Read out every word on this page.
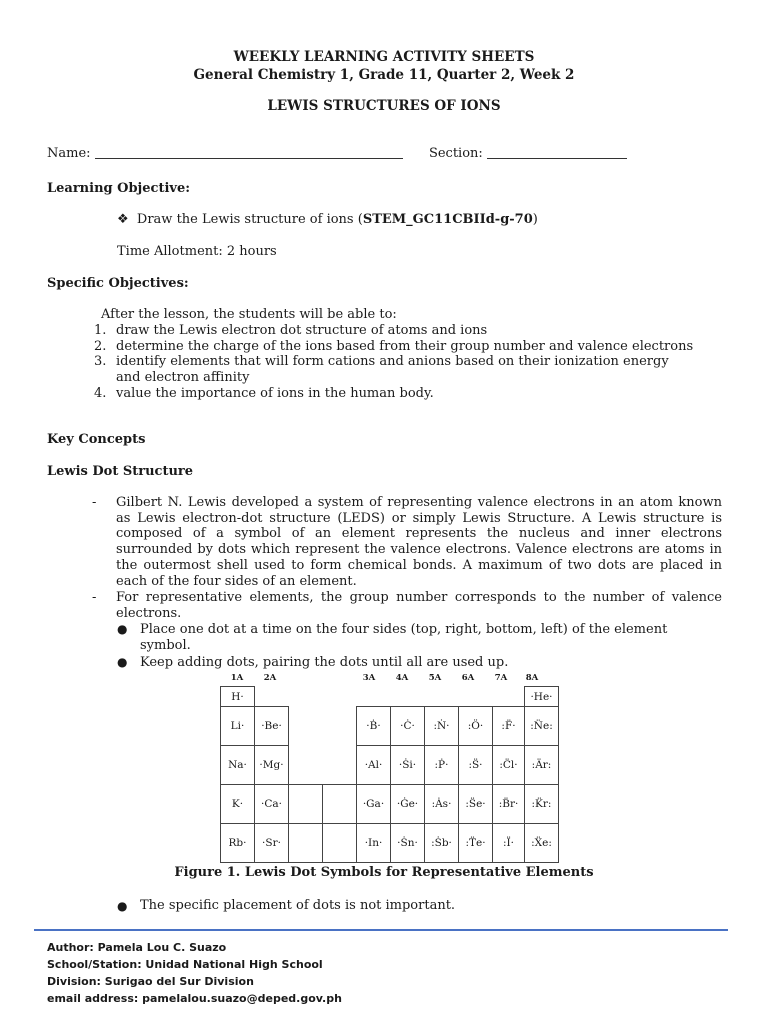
WEEKLY LEARNING ACTIVITY SHEETS
General Chemistry 1, Grade 11, Quarter 2, Week 2
LEWIS STRUCTURES OF IONS
Name:	Section:
Learning Objective:
❖ Draw the Lewis structure of ions (STEM_GC11CBIId-g-70)
Time Allotment: 2 hours
Specific Objectives:
After the lesson, the students will be able to:
1. draw the Lewis electron dot structure of atoms and ions
2. determine the charge of the ions based from their group number and valence electrons
3. identify elements that will form cations and anions based on their ionization energy
and electron affinity
4. value the importance of ions in the human body.
Key Concepts
Lewis Dot Structure
- Gilbert N. Lewis developed a system of representing valence electrons in an atom known as Lewis electron-dot structure (LEDS) or simply Lewis Structure. A Lewis structure is composed of a symbol of an element represents the nucleus and inner electrons surrounded by dots which represent the valence electrons. Valence electrons are atoms in the outermost shell used to form chemical bonds. A maximum of two dots are placed in each of the four sides of an element.

- For representative elements, the group number corresponds to the number of valence electrons.

● Place one dot at a time on the four sides (top, right, bottom, left) of the element symbol.

● Keep adding dots, pairing the dots until all are used up.

1A	2A	3A	4A	5A	6A	7A	8A
H·									·He·
Li·	·Be·			·Ḃ·	·Ċ·	:Ṅ·	:Ö·	:F̈·	:N̈e:
Na·	·Mg·			·Al·	·Ṡi·	:Ṗ·	:S̈·	:C̈l·	:Är:
K·	·Ca·			·Ga·	·Ġe·	:Ȧs·	:S̈e·	:B̈r·	:K̈r:
Rb·	·Sr·			·In·	·Ṡn·	:Ṡb·	:T̈e·	:Ï·	:Ẍe:
Figure 1. Lewis Dot Symbols for Representative Elements
● The specific placement of dots is not important.

Author: Pamela Lou C. Suazo
School/Station: Unidad National High School
Division: Surigao del Sur Division
email address: pamelalou.suazo@deped.gov.ph
